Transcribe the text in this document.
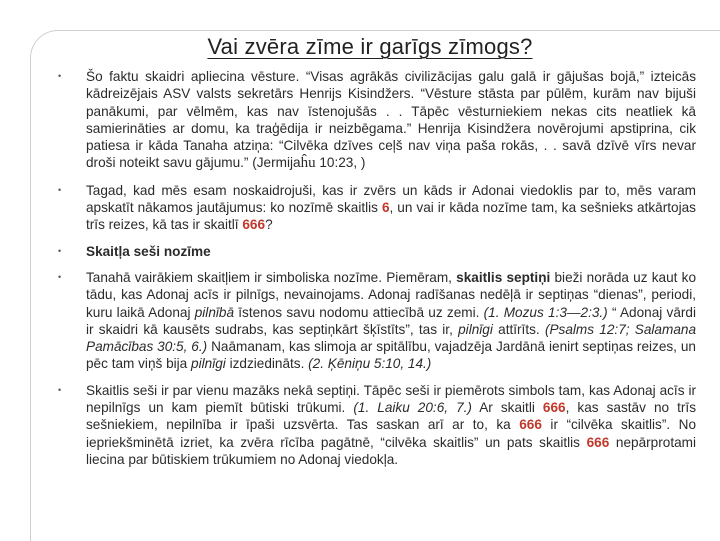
Vai zvēra zīme ir garīgs zīmogs?
• Šo faktu skaidri apliecina vēsture. “Visas agrākās civilizācijas galu galā ir gājušas bojā,” izteicās kādreizējais ASV valsts sekretārs Henrijs Kisindžers. “Vēsture stāsta par pūlēm, kurām nav bijuši panākumi, par vēlmēm, kas nav īstenojušās . . Tāpēc vēsturniekiem nekas cits neatliek kā samierināties ar domu, ka traģēdija ir neizbēgama.” Henrija Kisindžera novērojumi apstiprina, cik patiesa ir kāda Tanaha atziņa: “Cilvēka dzīves ceļš nav viņa paša rokās, . . savā dzīvē vīrs nevar droši noteikt savu gājumu.” (Jermijaĥu 10:23, )
• Tagad, kad mēs esam noskaidrojuši, kas ir zvērs un kāds ir Adonai viedoklis par to, mēs varam apskatīt nākamos jautājumus: ko nozīmē skaitlis 6, un vai ir kāda nozīme tam, ka sešnieks atkārtojas trīs reizes, kā tas ir skaitlī 666?
• Skaitļa seši nozīme
• Tanahā vairākiem skaitļiem ir simboliska nozīme. Piemēram, skaitlis septiņi bieži norāda uz kaut ko tādu, kas Adonaj acīs ir pilnīgs, nevainojams. Adonaj radīšanas nedēļā ir septiņas “dienas”, periodi, kuru laikā Adonaj pilnībā īstenos savu nodomu attiecībā uz zemi. (1. Mozus 1:3—2:3.) “ Adonaj vārdi ir skaidri kā kausēts sudrabs, kas septiņkārt šķīstīts”, tas ir, pilnīgi attīrīts. (Psalms 12:7; Salamana Pamācības 30:5, 6.) Naāmanam, kas slimoja ar spitālību, vajadzēja Jardānā ienirt septiņas reizes, un pēc tam viņš bija pilnīgi izdziedināts. (2. Ķēniņu 5:10, 14.)
• Skaitlis seši ir par vienu mazāks nekā septiņi. Tāpēc seši ir piemērots simbols tam, kas Adonaj acīs ir nepilnīgs un kam piemīt būtiski trūkumi. (1. Laiku 20:6, 7.) Ar skaitli 666, kas sastāv no trīs sešniekiem, nepilnība ir īpaši uzsvērta. Tas saskan arī ar to, ka 666 ir “cilvēka skaitlis”. No iepriekšminētā izriet, ka zvēra rīcība pagātnē, “cilvēka skaitlis” un pats skaitlis 666 nepārprotami liecina par būtiskiem trūkumiem no Adonaj viedokļa.
